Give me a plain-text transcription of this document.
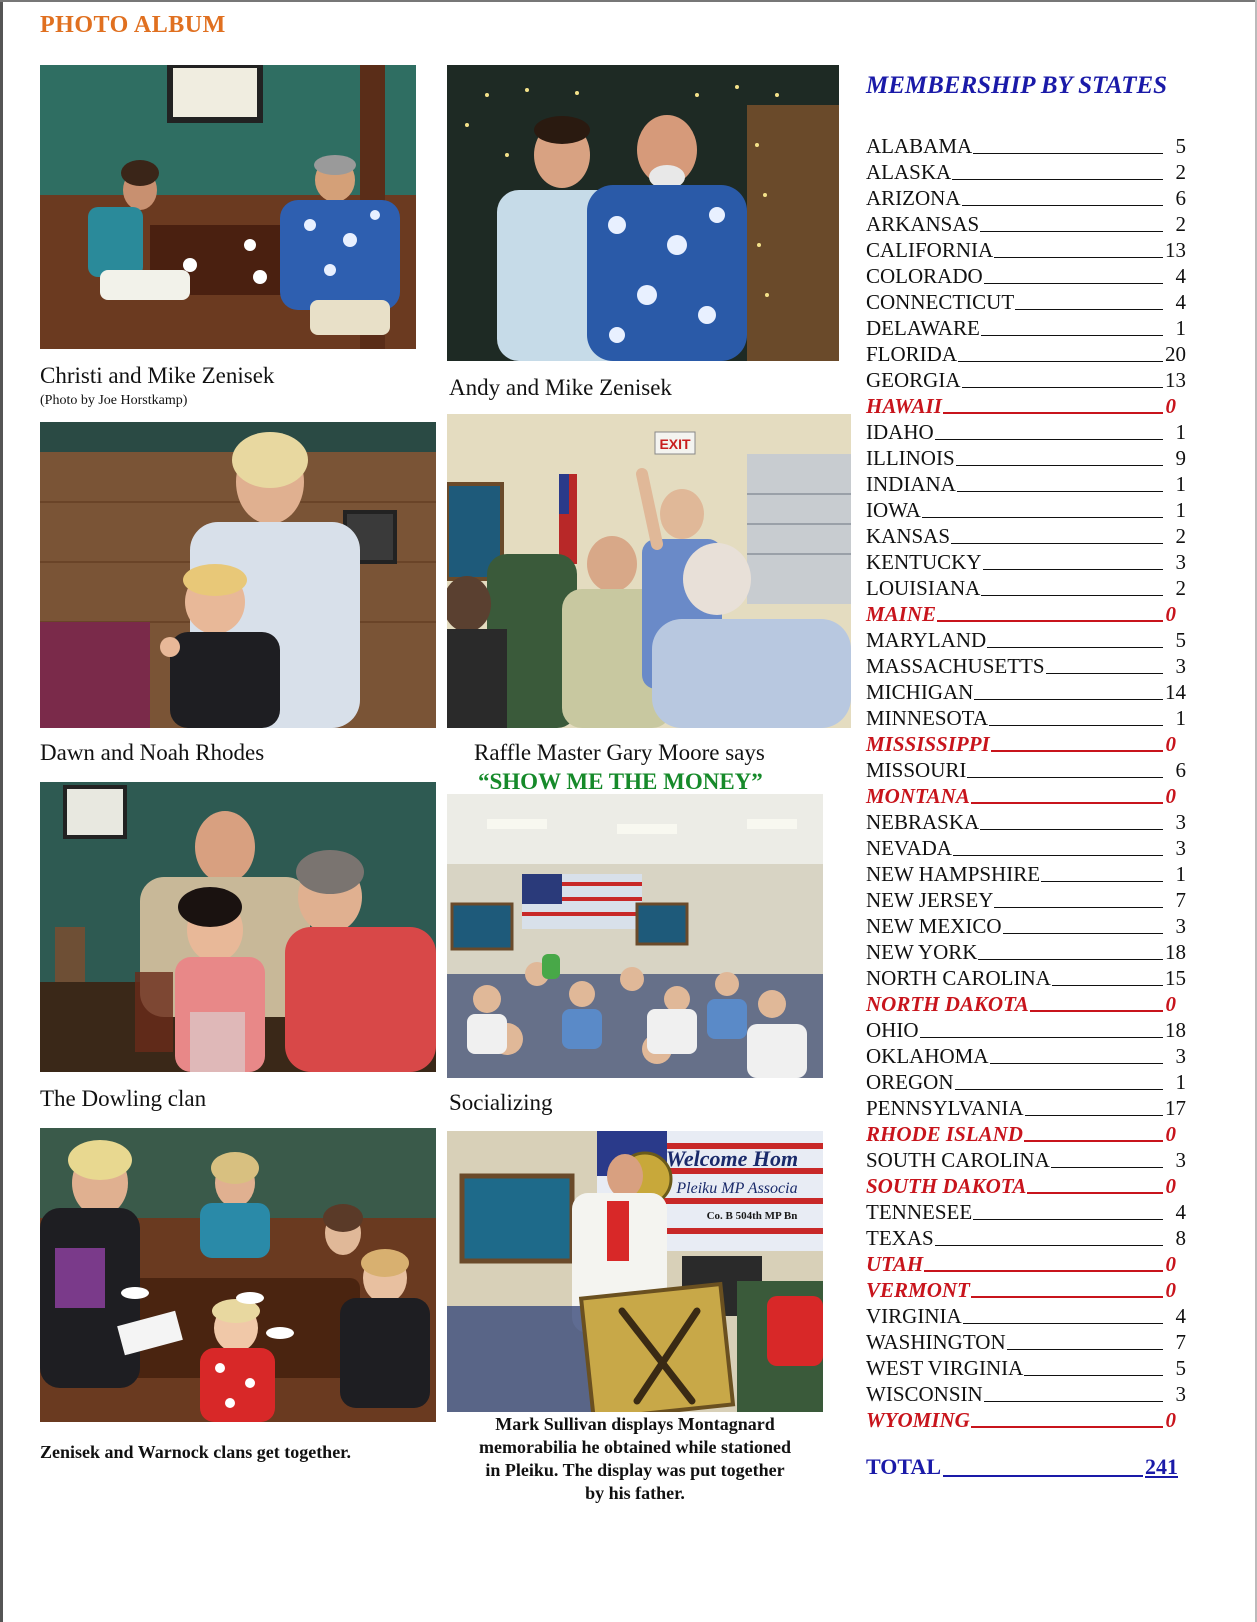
PHOTO ALBUM
Christi and Mike Zenisek
(Photo by Joe Horstkamp)
Andy and Mike Zenisek
Dawn and Noah Rhodes
EXIT
Raffle Master Gary Moore says
“SHOW ME THE MONEY”
The Dowling clan	Socializing
Zenisek and Warnock clans get together.
Welcome Hom
Pleiku MP Associa
Co. B 504th MP Bn
Mark Sullivan displays Montagnard
memorabilia he obtained while stationed
in Pleiku. The display was put together
by his father.
MEMBERSHIP BY STATES
ALABAMA	5
ALASKA	2
ARIZONA	6
ARKANSAS	2
CALIFORNIA	13
COLORADO	4
CONNECTICUT	4
DELAWARE	1
FLORIDA	20
GEORGIA	13
HAWAII	0
IDAHO	1
ILLINOIS	9
INDIANA	1
IOWA	1
KANSAS	2
KENTUCKY	3
LOUISIANA	2
MAINE	0
MARYLAND	5
MASSACHUSETTS	3
MICHIGAN	14
MINNESOTA	1
MISSISSIPPI	0
MISSOURI	6
MONTANA	0
NEBRASKA	3
NEVADA	3
NEW HAMPSHIRE	1
NEW JERSEY	7
NEW MEXICO	3
NEW YORK	18
NORTH CAROLINA	15
NORTH DAKOTA	0
OHIO	18
OKLAHOMA	3
OREGON	1
PENNSYLVANIA	17
RHODE ISLAND	0
SOUTH CAROLINA	3
SOUTH DAKOTA	0
TENNESEE	4
TEXAS	8
UTAH	0
VERMONT	0
VIRGINIA	4
WASHINGTON	7
WEST VIRGINIA	5
WISCONSIN	3
WYOMING	0
TOTAL	241
